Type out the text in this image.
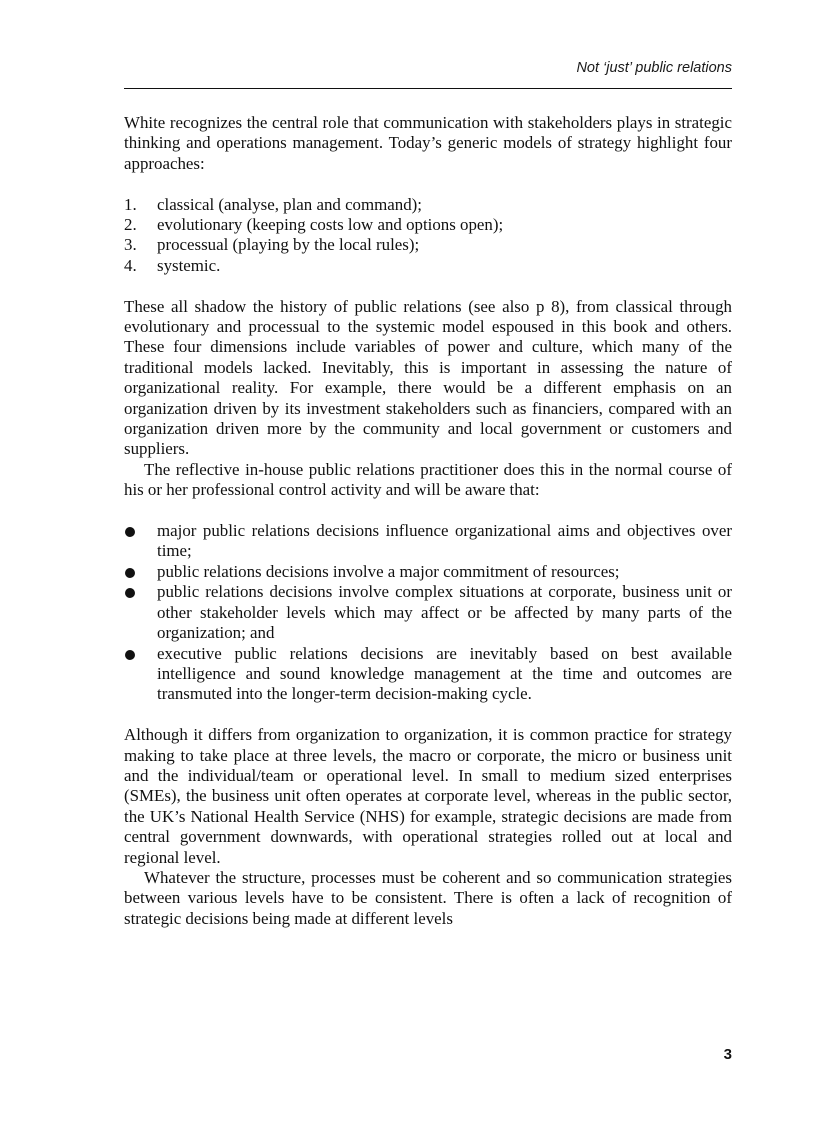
Not ‘just’ public relations

White recognizes the central role that communication with stakeholders plays in strategic thinking and operations management. Today’s generic models of strategy highlight four approaches:

1. classical (analyse, plan and command);
2. evolutionary (keeping costs low and options open);
3. processual (playing by the local rules);
4. systemic.

These all shadow the history of public relations (see also p 8), from classical through evolutionary and processual to the systemic model espoused in this book and others. These four dimensions include variables of power and culture, which many of the traditional models lacked. Inevitably, this is important in assessing the nature of organizational reality. For example, there would be a different emphasis on an organization driven by its investment stakeholders such as financiers, compared with an organization driven more by the community and local government or customers and suppliers.

The reflective in-house public relations practitioner does this in the normal course of his or her professional control activity and will be aware that:

major public relations decisions influence organizational aims and objectives over time;
public relations decisions involve a major commitment of resources;
public relations decisions involve complex situations at corporate, business unit or other stakeholder levels which may affect or be affected by many parts of the organization; and
executive public relations decisions are inevitably based on best available intelligence and sound knowledge management at the time and outcomes are transmuted into the longer-term decision-making cycle.

Although it differs from organization to organization, it is common practice for strategy making to take place at three levels, the macro or corporate, the micro or business unit and the individual/team or operational level. In small to medium sized enterprises (SMEs), the business unit often operates at corporate level, whereas in the public sector, the UK’s National Health Service (NHS) for example, strategic decisions are made from central government downwards, with operational strategies rolled out at local and regional level.

Whatever the structure, processes must be coherent and so communication strategies between various levels have to be consistent. There is often a lack of recognition of strategic decisions being made at different levels

3
